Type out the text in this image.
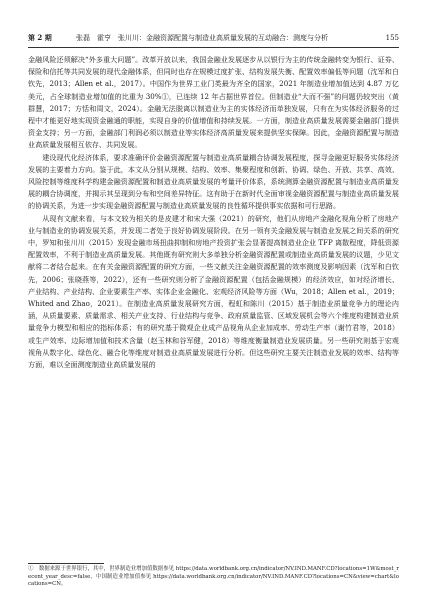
第 2 期	张磊　霍亨　张川川：金融资源配置与制造业高质量发展的互动融合：测度与分析	155

金融风险还须解决“外多重大问题”。改革开放以来，我国金融业发展逐步从以银行为主的传统金融转变为银行、证券、保险和信托等共同发展的现代金融体系，但同时也存在规模过度扩张、结构发展失衡、配置效率偏低等问题（沈军和白钦先，2013；Allen et al.，2017）。中国作为世界工业门类最为齐全的国家，2021 年制造业增加值达到 4.87 万亿美元，占全球制造业增加值的比重为 30%①，已连续 12 年占据世界首位。但制造业“大而不强”的问题仍较突出（黄群慧，2017；方恬和周文，2024）。金融无法脱离以制造业为主的实体经济而单独发展，只有在为实体经济服务的过程中才能更好地实现资金融通的职能，实现自身的价值增值和持续发展。一方面，制造业高质量发展需要金融部门提供资金支持；另一方面，金融部门利润必须以制造业等实体经济高质量发展来提供坚实保障。因此，金融资源配置与制造业高质量发展相互依存、共同发展。

建设现代化经济体系，要求准确评价金融资源配置与制造业高质量耦合协调发展程度，探寻金融更好服务实体经济发展的主要着力方向。鉴于此，本文从分别从规模、结构、效率、集聚程度和创新、协调、绿色、开放、共享、高效、风险控制等维度科学构建金融资源配置和制造业高质量发展的考量评价体系，系统测算金融资源配置与制造业高质量发展的耦合协调度，并揭示其呈现到分布和空间差异特征。这有助于在新时代全面审视金融资源配置与制造业高质量发展的协调关系，为进一步实现金融资源配置与制造业高质量发展的良性循环提供事实依据和可行思路。

从现有文献来看，与本文较为相关的是皮建才和宋大强（2021）的研究，他们从房地产金融化视角分析了房地产业与制造业的协调发展关系，并发现二者处于良好协调发展阶段。在另一领有关金融发展与制造业发展之间关系的研究中，罗知和张川川（2015）发现金融市场扭曲抑制和房地产投资扩张会显著提高制造业企业 TFP 离散程度，降低资源配置效率，不利于制造业高质量发展。其他既有研究则大多单独分析金融资源配置或制造业高质量发展的议题，少见文献将二者结合起来。在有关金融资源配置的研究方面，一些文献关注金融资源配置的效率测度及影响因素（沈军和白钦先，2006；张晓燕等，2022），还有一些研究则分析了金融资源配置（包括金融规模）的经济效应，如对经济增长、产业结构、产业结构、企业要素生产率、实体企业金融化、宏观经济风险等方面（Wu，2018；Allen et al.，2019；Whited and Zhao，2021）。在制造业高质量发展研究方面，程虹和陈川（2015）基于制造业质量竞争力的理论内涵，从质量要素、质量需求、相关产业支持、行业结构与竞争、政府质量监管、区域发展机会等六个维度构建制造业质量竞争力模型和相应的指标体系；有的研究基于微观企业成产品视角从企业加成率、劳动生产率（谢竹君等，2018）或生产效率、边际增加值和技术含量（赵玉林和谷军健，2018）等维度衡量制造业发展质量。另一些研究则基于宏观视角从数字化、绿色化、融合化等维度对制造业高质量发展进行分析。但这些研究主要关注制造业发展的效率、结构等方面，难以全面测度制造业高质量发展的

①　数据来源于世界银行，其中，世界制造业增加值数据参见 https://data.worldbank.org.cn/indicator/NV.IND.MANF.CD?locations=1W&most_recent_year_desc=false，中国制造业增加值参见 https://data.worldbank.org.cn/indicator/NV.IND.MANF.CD?locations=CN&view=chart&locations=CN。
